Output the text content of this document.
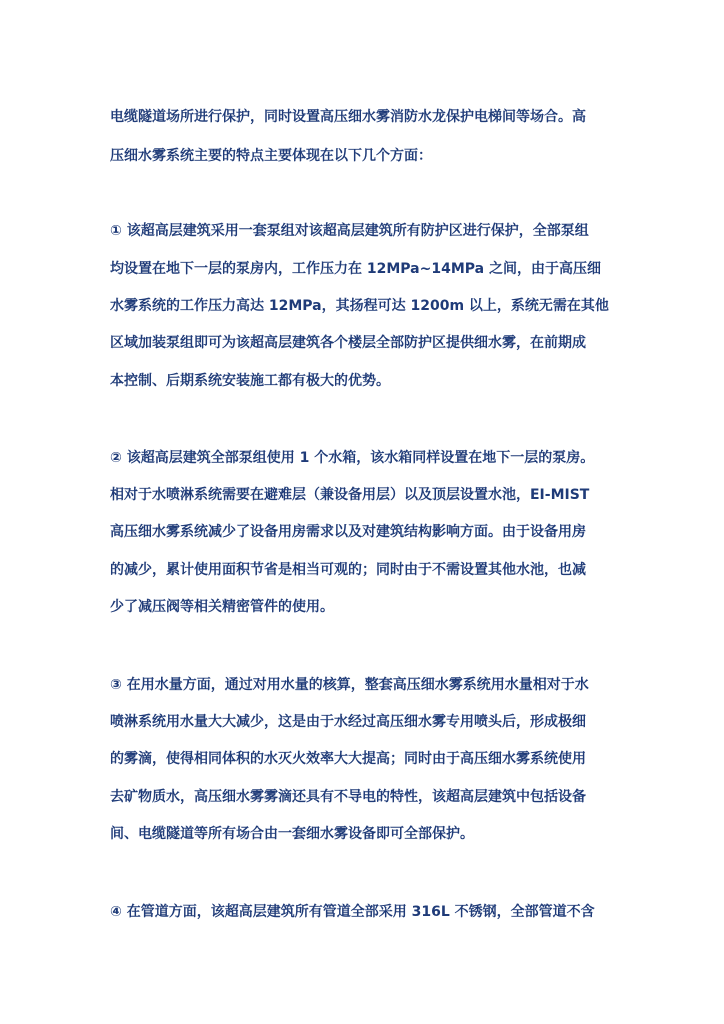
电缆隧道场所进行保护，同时设置高压细水雾消防水龙保护电梯间等场合。高
压细水雾系统主要的特点主要体现在以下几个方面：
① 该超高层建筑采用一套泵组对该超高层建筑所有防护区进行保护，全部泵组
均设置在地下一层的泵房内，工作压力在 12MPa~14MPa 之间，由于高压细
水雾系统的工作压力高达 12MPa，其扬程可达 1200m 以上，系统无需在其他
区域加装泵组即可为该超高层建筑各个楼层全部防护区提供细水雾，在前期成
本控制、后期系统安装施工都有极大的优势。
② 该超高层建筑全部泵组使用 1 个水箱，该水箱同样设置在地下一层的泵房。
相对于水喷淋系统需要在避难层（兼设备用层）以及顶层设置水池，EI-MIST
高压细水雾系统减少了设备用房需求以及对建筑结构影响方面。由于设备用房
的减少，累计使用面积节省是相当可观的；同时由于不需设置其他水池，也减
少了减压阀等相关精密管件的使用。
③ 在用水量方面，通过对用水量的核算，整套高压细水雾系统用水量相对于水
喷淋系统用水量大大减少，这是由于水经过高压细水雾专用喷头后，形成极细
的雾滴，使得相同体积的水灭火效率大大提高；同时由于高压细水雾系统使用
去矿物质水，高压细水雾雾滴还具有不导电的特性，该超高层建筑中包括设备
间、电缆隧道等所有场合由一套细水雾设备即可全部保护。
④ 在管道方面，该超高层建筑所有管道全部采用 316L 不锈钢，全部管道不含
